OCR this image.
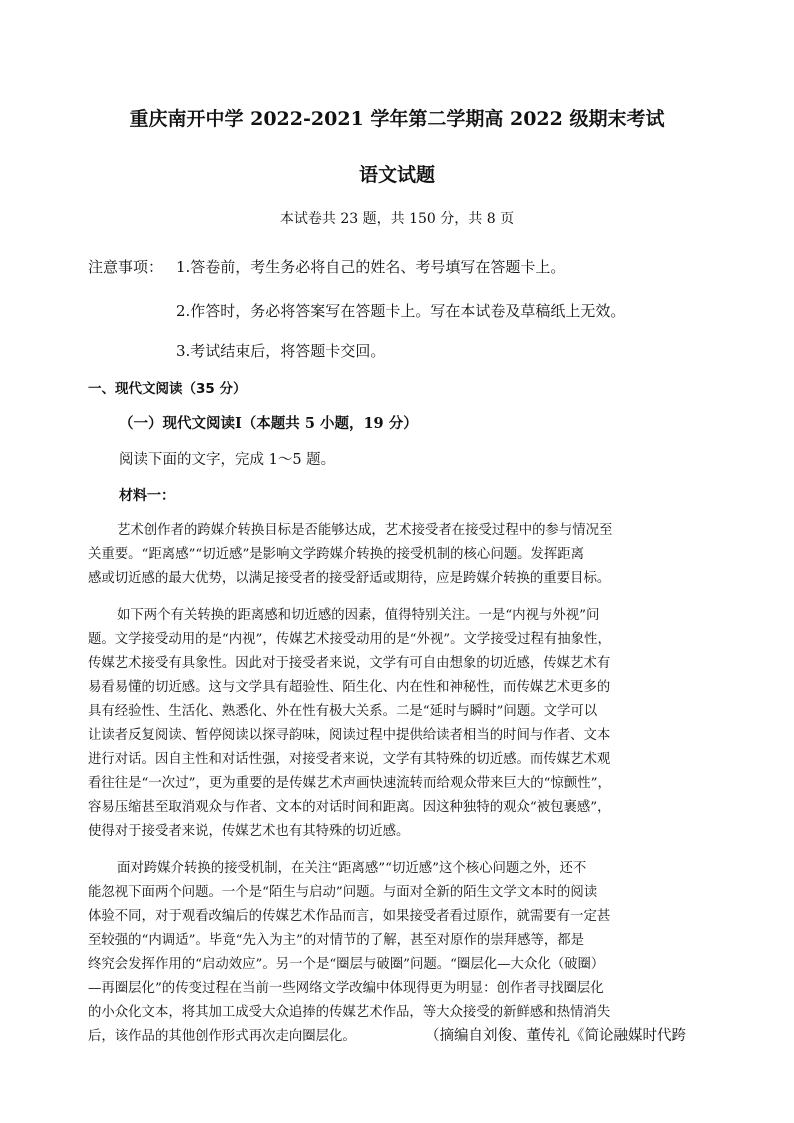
重庆南开中学 2022-2021 学年第二学期高 2022 级期末考试
语文试题
本试卷共 23 题，共 150 分，共 8 页
注意事项： 1.答卷前，考生务必将自己的姓名、考号填写在答题卡上。
2.作答时，务必将答案写在答题卡上。写在本试卷及草稿纸上无效。
3.考试结束后，将答题卡交回。
一、现代文阅读（35 分）
（一）现代文阅读Ⅰ（本题共 5 小题，19 分）
阅读下面的文字，完成 1～5 题。
材料一：
艺术创作者的跨媒介转换目标是否能够达成，艺术接受者在接受过程中的参与情况至
关重要。“距离感”“切近感”是影响文学跨媒介转换的接受机制的核心问题。发挥距离
感或切近感的最大优势，以满足接受者的接受舒适或期待，应是跨媒介转换的重要目标。
如下两个有关转换的距离感和切近感的因素，值得特别关注。一是“内视与外视”问
题。文学接受动用的是“内视”，传媒艺术接受动用的是“外视”。文学接受过程有抽象性，
传媒艺术接受有具象性。因此对于接受者来说，文学有可自由想象的切近感，传媒艺术有
易看易懂的切近感。这与文学具有超验性、陌生化、内在性和神秘性，而传媒艺术更多的
具有经验性、生活化、熟悉化、外在性有极大关系。二是“延时与瞬时”问题。文学可以
让读者反复阅读、暂停阅读以探寻韵味，阅读过程中提供给读者相当的时间与作者、文本
进行对话。因自主性和对话性强，对接受者来说，文学有其特殊的切近感。而传媒艺术观
看往往是“一次过”，更为重要的是传媒艺术声画快速流转而给观众带来巨大的“惊颤性”，
容易压缩甚至取消观众与作者、文本的对话时间和距离。因这种独特的观众“被包裹感”，
使得对于接受者来说，传媒艺术也有其特殊的切近感。
面对跨媒介转换的接受机制，在关注“距离感”“切近感”这个核心问题之外，还不
能忽视下面两个问题。一个是“陌生与启动”问题。与面对全新的陌生文学文本时的阅读
体验不同，对于观看改编后的传媒艺术作品而言，如果接受者看过原作，就需要有一定甚
至较强的“内调适”。毕竟“先入为主”的对情节的了解，甚至对原作的崇拜感等，都是
终究会发挥作用的“启动效应”。另一个是“圈层与破圈”问题。“圈层化—大众化（破圈）
—再圈层化”的传变过程在当前一些网络文学改编中体现得更为明显：创作者寻找圈层化
的小众化文本，将其加工成受大众追捧的传媒艺术作品，等大众接受的新鲜感和热情消失
后，该作品的其他创作形式再次走向圈层化。	（摘编自刘俊、董传礼《简论融媒时代跨
